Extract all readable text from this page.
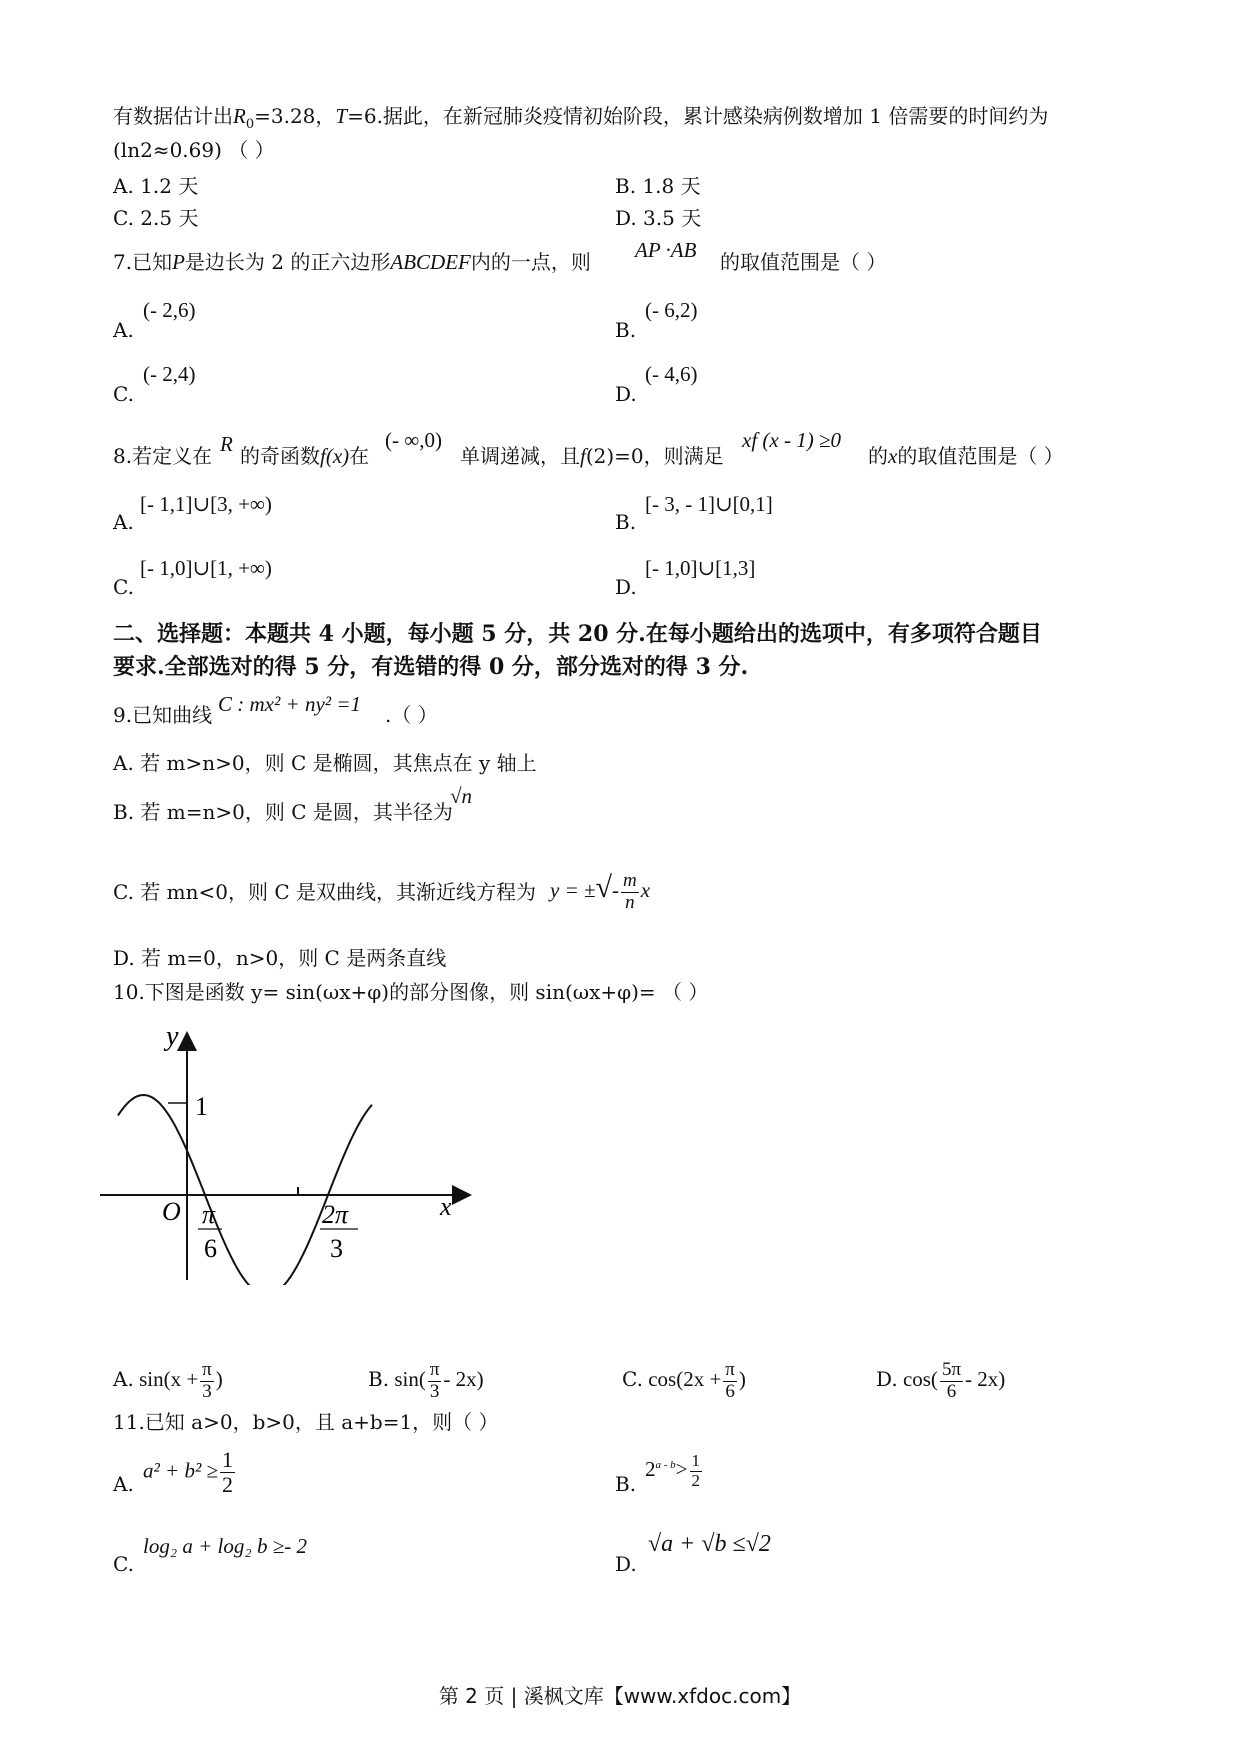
有数据估计出$R_0=3.28$，T=6.据此，在新冠肺炎疫情初始阶段，累计感染病例数增加 1 倍需要的时间约为
(ln2≈0.69) （ ）
A. 1.2 天	B. 1.8 天
C. 2.5 天	D. 3.5 天
7.已知P是边长为 2 的正六边形ABCDEF内的一点，则 AP ·AB 的取值范围是（ ）
A.
(- 2,6)
B.
(- 6,2)
C.
(- 2,4)
D.
(- 4,6)
8.若定义在 R 的奇函数f(x)在
(- ∞,0)
单调递减，且f(2)=0，则满足
xf (x - 1) ≥0
的x的取值范围是（ ）
A.
[- 1,1]∪[3, +∞)
B.
[- 3, - 1]∪[0,1]
C.
[- 1,0]∪[1, +∞)
D.
[- 1,0]∪[1,3]
二、选择题：本题共 4 小题，每小题 5 分，共 20 分.在每小题给出的选项中，有多项符合题目
要求.全部选对的得 5 分，有选错的得 0 分，部分选对的得 3 分.
9.已知曲线 C : mx² + ny² =1 .（ ）
A. 若 m>n>0，则 C 是椭圆，其焦点在 y 轴上
B. 若 m=n>0，则 C 是圆，其半径为
√n
C. 若 mn<0，则 C 是双曲线，其渐近线方程为 y = ±√- $\frac{m}{n}$ x
D. 若 m=0，n>0，则 C 是两条直线
10.下图是函数 y= sin(ωx+φ)的部分图像，则 sin(ωx+φ)= （ ）
y
x
O
1
π
6
2π
3
A. $\sin(x + \frac{\pi}{3}$ )	B. $\sin( \frac{\pi}{3} - 2x)$	C. $\cos(2x + \frac{\pi}{6}$ )	D. $\cos( \frac{5\pi}{6} - 2x)$
11.已知 a>0，b>0，且 a+b=1，则（ ）
A.
$a^2 + b^2 \ge \frac{1}{2}$	B.
$2^{a - b}> \frac{1}{2}$
C.
log₂ a + log₂ b ≥- 2
D.
√a + √b ≤√2
第 2 页 | 溪枫文库【www.xfdoc.com】
